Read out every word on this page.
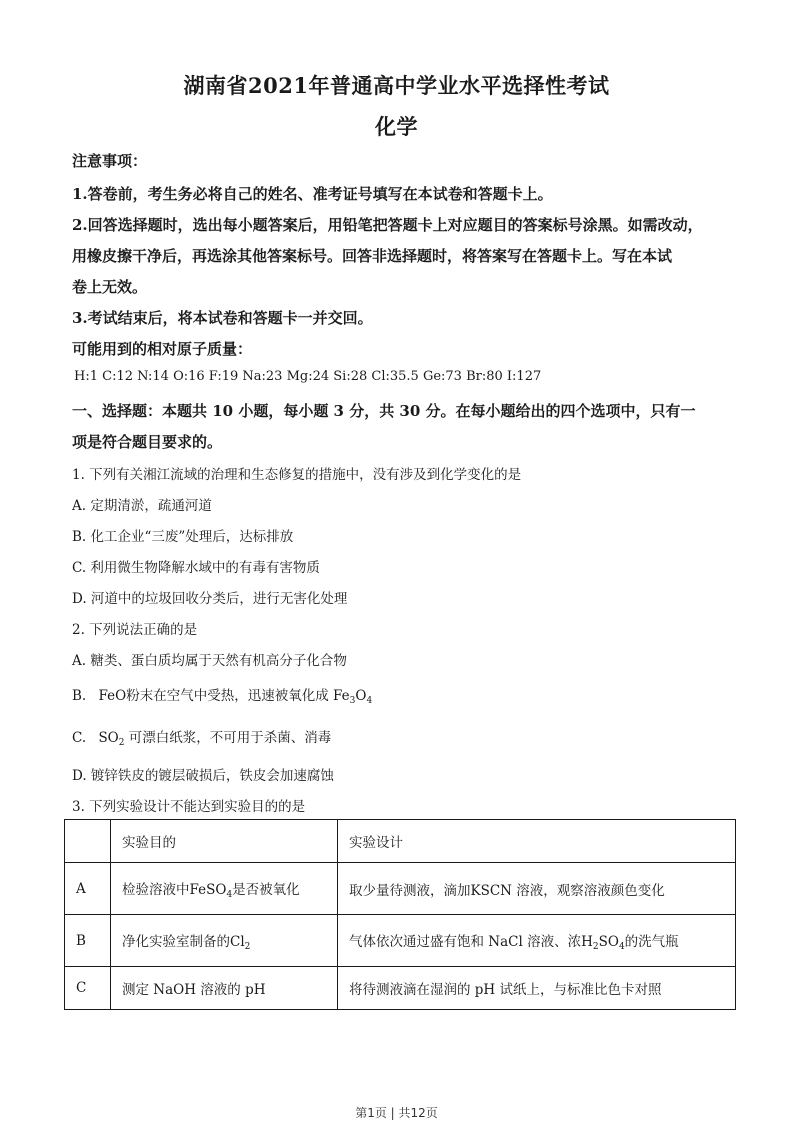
湖南省2021年普通高中学业水平选择性考试
化学
注意事项：
1.答卷前，考生务必将自己的姓名、准考证号填写在本试卷和答题卡上。
2.回答选择题时，选出每小题答案后，用铅笔把答题卡上对应题目的答案标号涂黑。如需改动，
用橡皮擦干净后，再选涂其他答案标号。回答非选择题时，将答案写在答题卡上。写在本试
卷上无效。
3.考试结束后，将本试卷和答题卡一并交回。
可能用到的相对原子质量：
H:1 C:12 N:14 O:16 F:19 Na:23 Mg:24 Si:28 Cl:35.5 Ge:73 Br:80 I:127
一、选择题：本题共 10 小题，每小题 3 分，共 30 分。在每小题给出的四个选项中，只有一
项是符合题目要求的。
1. 下列有关湘江流域的治理和生态修复的措施中，没有涉及到化学变化的是
A. 定期清淤，疏通河道
B. 化工企业“三废”处理后，达标排放
C. 利用微生物降解水域中的有毒有害物质
D. 河道中的垃圾回收分类后，进行无害化处理
2. 下列说法正确的是
A. 糖类、蛋白质均属于天然有机高分子化合物
B. FeO粉末在空气中受热，迅速被氧化成 $Fe_3O_4$
C. $SO_2$ 可漂白纸浆，不可用于杀菌、消毒
D. 镀锌铁皮的镀层破损后，铁皮会加速腐蚀
3. 下列实验设计不能达到实验目的的是
	实验目的	实验设计
A	检验溶液中FeSO$_4$是否被氧化	取少量待测液，滴加KSCN 溶液，观察溶液颜色变化
B	净化实验室制备的$Cl_2$	气体依次通过盛有饱和 NaCl 溶液、浓$H_2SO_4$的洗气瓶
C	测定 NaOH 溶液的 pH	将待测液滴在湿润的 pH 试纸上，与标准比色卡对照
第1页 | 共12页
